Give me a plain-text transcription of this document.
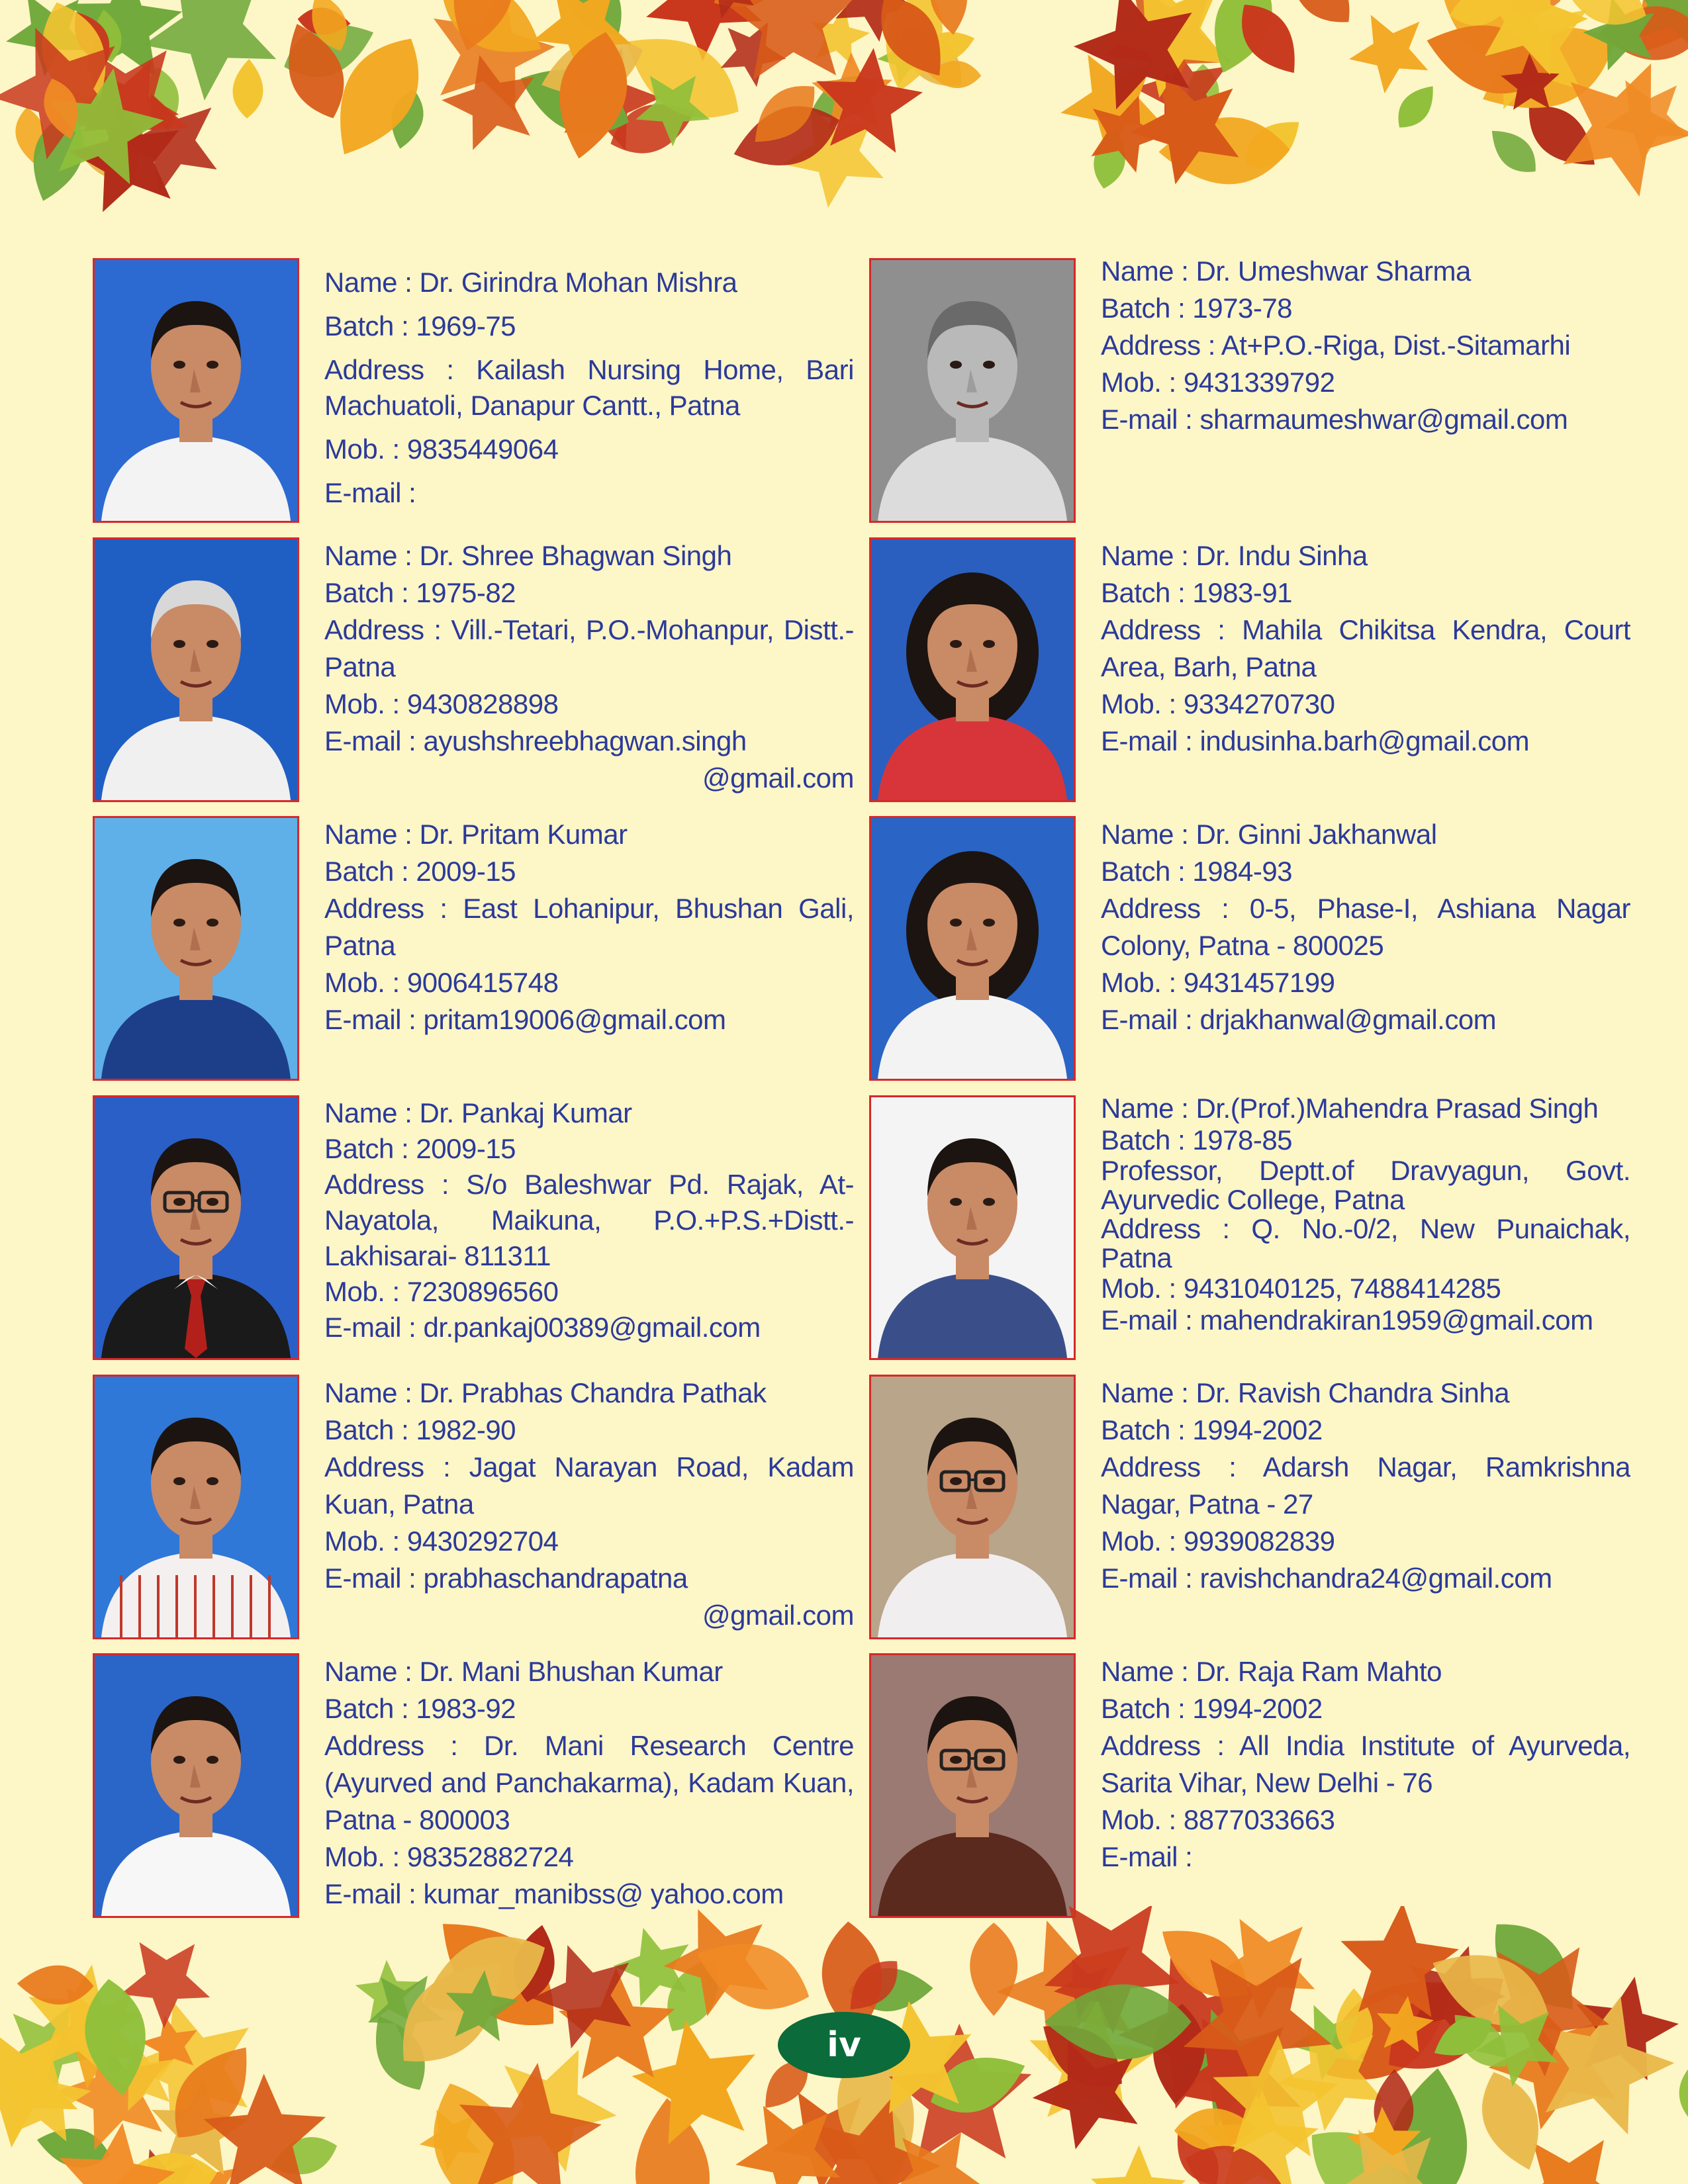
Name : Dr. Girindra Mohan Mishra
Batch : 1969-75
Address : Kailash Nursing Home, Bari Machuatoli, Danapur Cantt., Patna
Mob. : 9835449064
E-mail :
Name : Dr. Shree Bhagwan Singh
Batch : 1975-82
Address : Vill.-Tetari, P.O.-Mohanpur, Distt.-Patna
Mob. : 9430828898
E-mail : ayushshreebhagwan.singh
@gmail.com
Name : Dr. Pritam Kumar
Batch : 2009-15
Address : East Lohanipur, Bhushan Gali, Patna
Mob. : 9006415748
E-mail : pritam19006@gmail.com
Name : Dr. Pankaj Kumar
Batch : 2009-15
Address : S/o Baleshwar Pd. Rajak, At-Nayatola, Maikuna, P.O.+P.S.+Distt.-Lakhisarai- 811311
Mob. : 7230896560
E-mail : dr.pankaj00389@gmail.com
Name : Dr. Prabhas Chandra Pathak
Batch : 1982-90
Address : Jagat Narayan Road, Kadam Kuan, Patna
Mob. : 9430292704
E-mail : prabhaschandrapatna
@gmail.com
Name : Dr. Mani Bhushan Kumar
Batch : 1983-92
Address : Dr. Mani Research Centre (Ayurved and Panchakarma), Kadam Kuan, Patna - 800003
Mob. : 98352882724
E-mail : kumar_manibss@ yahoo.com
Name : Dr. Umeshwar Sharma
Batch : 1973-78
Address : At+P.O.-Riga, Dist.-Sitamarhi
Mob. : 9431339792
E-mail : sharmaumeshwar@gmail.com
Name : Dr. Indu Sinha
Batch : 1983-91
Address : Mahila Chikitsa Kendra, Court Area, Barh, Patna
Mob. : 9334270730
E-mail : indusinha.barh@gmail.com
Name : Dr. Ginni Jakhanwal
Batch : 1984-93
Address : 0-5, Phase-I, Ashiana Nagar Colony, Patna - 800025
Mob. : 9431457199
E-mail : drjakhanwal@gmail.com
Name : Dr.(Prof.)Mahendra Prasad Singh
Batch : 1978-85
Professor, Deptt.of Dravyagun, Govt. Ayurvedic College, Patna
Address : Q. No.-0/2, New Punaichak, Patna
Mob. : 9431040125, 7488414285
E-mail : mahendrakiran1959@gmail.com
Name : Dr. Ravish Chandra Sinha
Batch : 1994-2002
Address : Adarsh Nagar, Ramkrishna Nagar, Patna - 27
Mob. : 9939082839
E-mail : ravishchandra24@gmail.com
Name : Dr. Raja Ram Mahto
Batch : 1994-2002
Address : All India Institute of Ayurveda, Sarita Vihar, New Delhi - 76
Mob. : 8877033663
E-mail :
iv
